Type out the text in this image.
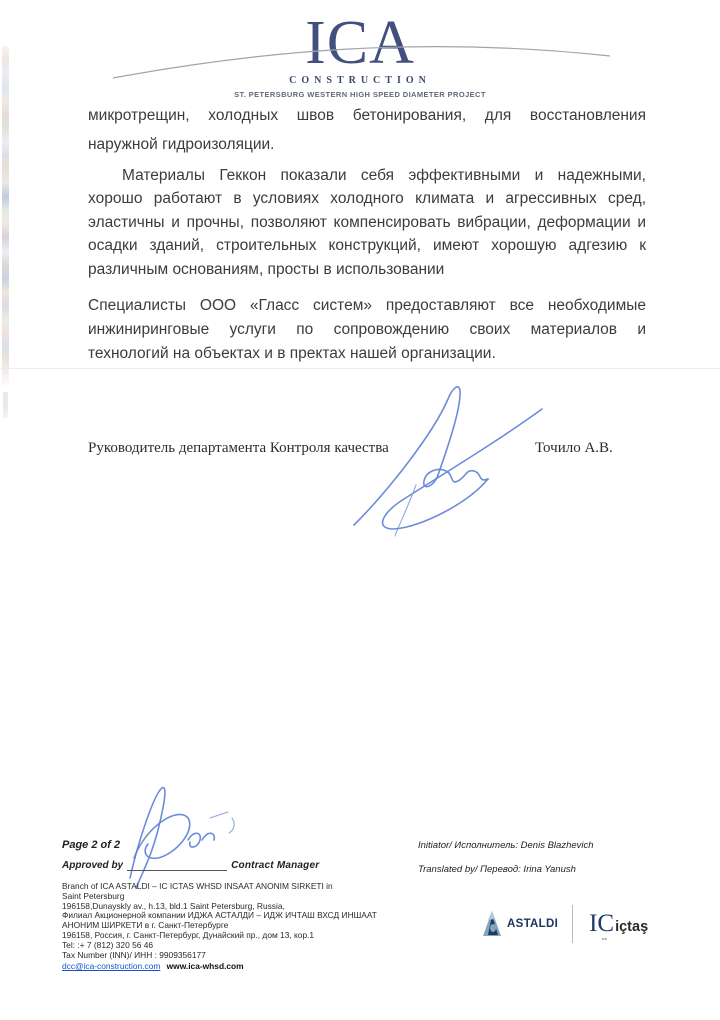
ICA
CONSTRUCTION
ST. PETERSBURG WESTERN HIGH SPEED DIAMETER PROJECT
микротрещин, холодных швов бетонирования, для восстановления
наружной гидроизоляции.
Материалы Геккон показали себя эффективными и надежными,
хорошо работают в условиях холодного климата и агрессивных сред,
эластичны и прочны, позволяют компенсировать вибрации, деформации и
осадки зданий, строительных конструкций, имеют хорошую адгезию к
различным основаниям, просты в использовании
Специалисты ООО «Гласс систем» предоставляют все необходимые
инжиниринговые услуги по сопровождению своих материалов и
технологий на объектах и в пректах нашей организации.
Руководитель департамента Контроля качества	Точило А.В.
Page 2 of 2
Approved by	Contract Manager
Branch of ICA ASTALDI – IC ICTAS WHSD INSAAT ANONIM SIRKETI in
Saint Petersburg
196158,Dunayskly av., h.13, bld.1 Saint Petersburg, Russia,
Филиал Акционерной компании ИДЖА АСТАЛДИ – ИДЖ ИЧТАШ ВХСД ИНШААТ
АНОНИМ ШИРКЕТИ в г. Санкт-Петербурге
196158, Россия, г. Санкт-Петербург, Дунайский пр., дом 13, кор.1
Tel: :+ 7 (812) 320 56 46
Tax Number (INN)/ ИНН : 9909356177
dcc@ica-construction.com www.ica-whsd.com
Initiator/ Исполнитель: Denis Blazhevich
Translated by/ Перевод: Irina Yanush
ASTALDI IC içtaş
ce
